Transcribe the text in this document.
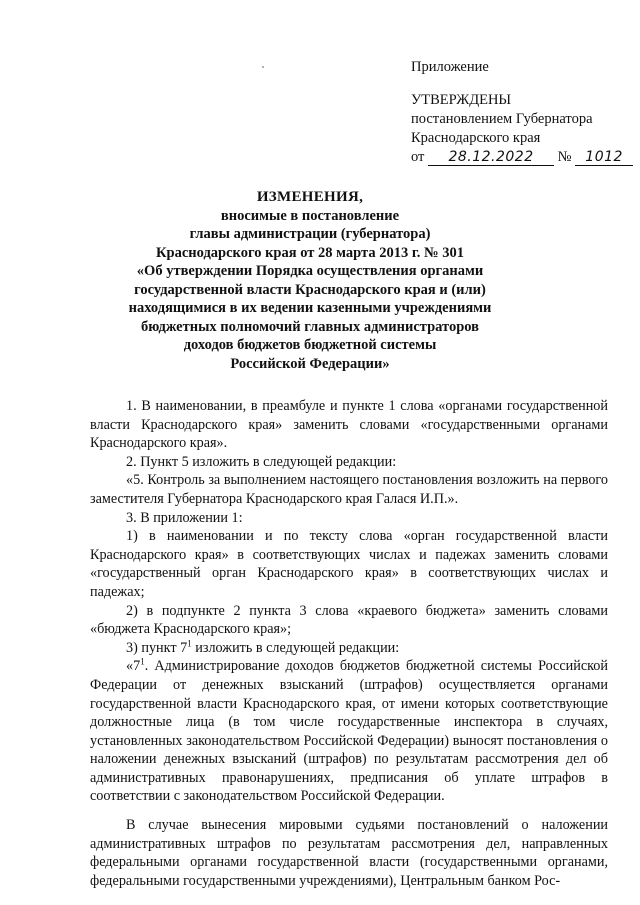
Приложение
УТВЕРЖДЕНЫ
постановлением Губернатора
Краснодарского края
от 28.12.2022 № 1012
ИЗМЕНЕНИЯ,
вносимые в постановление
главы администрации (губернатора)
Краснодарского края от 28 марта 2013 г. № 301
«Об утверждении Порядка осуществления органами
государственной власти Краснодарского края и (или)
находящимися в их ведении казенными учреждениями
бюджетных полномочий главных администраторов
доходов бюджетов бюджетной системы
Российской Федерации»

1. В наименовании, в преамбуле и пункте 1 слова «органами государственной власти Краснодарского края» заменить словами «государственными органами Краснодарского края».

2. Пункт 5 изложить в следующей редакции:

«5. Контроль за выполнением настоящего постановления возложить на первого заместителя Губернатора Краснодарского края Галася И.П.».

3. В приложении 1:

1) в наименовании и по тексту слова «орган государственной власти Краснодарского края» в соответствующих числах и падежах заменить словами «государственный орган Краснодарского края» в соответствующих числах и падежах;

2) в подпункте 2 пункта 3 слова «краевого бюджета» заменить словами «бюджета Краснодарского края»;

3) пункт $7^1$ изложить в следующей редакции:

«$7^1$. Администрирование доходов бюджетов бюджетной системы Российской Федерации от денежных взысканий (штрафов) осуществляется органами государственной власти Краснодарского края, от имени которых соответствующие должностные лица (в том числе государственные инспектора в случаях, установленных законодательством Российской Федерации) выносят постановления о наложении денежных взысканий (штрафов) по результатам рассмотрения дел об административных правонарушениях, предписания об уплате штрафов в соответствии с законодательством Российской Федерации.

В случае вынесения мировыми судьями постановлений о наложении административных штрафов по результатам рассмотрения дел, направленных федеральными органами государственной власти (государственными органами, федеральными государственными учреждениями), Центральным банком Рос-
